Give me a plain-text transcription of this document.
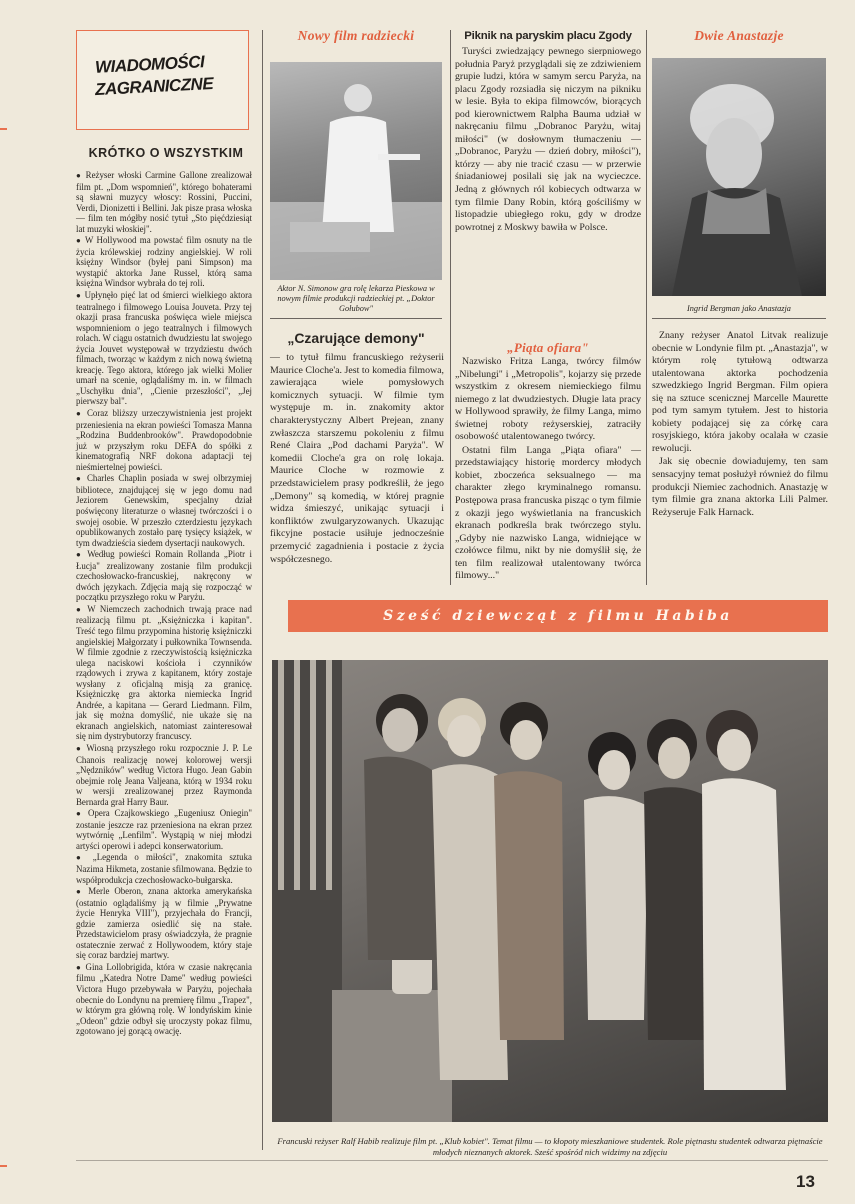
WIADOMOŚCI
ZAGRANICZNE
KRÓTKO O WSZYSTKIM

● Reżyser włoski Carmine Gallone zrealizował film pt. „Dom wspomnień", którego bohaterami są sławni muzycy włoscy: Rossini, Puccini, Verdi, Dionizetti i Bellini. Jak pisze prasa włoska — film ten mógłby nosić tytuł „Sto pięćdziesiąt lat muzyki włoskiej".

● W Hollywood ma powstać film osnuty na tle życia królewskiej rodziny angielskiej. W roli księżny Windsor (byłej pani Simpson) ma wystąpić aktorka Jane Russel, którą sama księżna Windsor wybrała do tej roli.

● Upłynęło pięć lat od śmierci wielkiego aktora teatralnego i filmowego Louisa Jouveta. Przy tej okazji prasa francuska poświęca wiele miejsca wspomnieniom o jego teatralnych i filmowych rolach. W ciągu ostatnich dwudziestu lat swojego życia Jouvet występował w trzydziestu dwóch filmach, tworząc w każdym z nich nową świetną kreację. Tego aktora, którego jak wielki Molier umarł na scenie, oglądaliśmy m. in. w filmach „Uschyłku dnia", „Cienie przeszłości", „Jej pierwszy bal".

● Coraz bliższy urzeczywistnienia jest projekt przeniesienia na ekran powieści Tomasza Manna „Rodzina Buddenbrooków". Prawdopodobnie już w przyszłym roku DEFA do spółki z kinematografią NRF dokona adaptacji tej nieśmiertelnej powieści.

● Charles Chaplin posiada w swej olbrzymiej bibliotece, znajdującej się w jego domu nad Jeziorem Genewskim, specjalny dział poświęcony literaturze o własnej twórczości i o swojej osobie. W przeszło czterdziestu językach opublikowanych zostało parę tysięcy książek, w tym dwadzieścia siedem dysertacji naukowych.

● Według powieści Romain Rollanda „Piotr i Łucja" zrealizowany zostanie film produkcji czechosłowacko-francuskiej, nakręcony w dwóch językach. Zdjęcia mają się rozpocząć w początku przyszłego roku w Paryżu.

● W Niemczech zachodnich trwają prace nad realizacją filmu pt. „Księżniczka i kapitan". Treść tego filmu przypomina historię księżniczki angielskiej Małgorzaty i pułkownika Townsenda. W filmie zgodnie z rzeczywistością księżniczka ulega naciskowi kościoła i czynników rządowych i zrywa z kapitanem, który zostaje wysłany z oficjalną misją za granicę. Księżniczkę gra aktorka niemiecka Ingrid Andrée, a kapitana — Gerard Liedmann. Film, jak się można domyślić, nie ukaże się na ekranach angielskich, natomiast zainteresował się nim dystrybutorzy francuscy.

● Wiosną przyszłego roku rozpocznie J. P. Le Chanois realizację nowej kolorowej wersji „Nędzników" według Victora Hugo. Jean Gabin obejmie rolę Jeana Valjeana, którą w 1934 roku w wersji zrealizowanej przez Raymonda Bernarda grał Harry Baur.

● Opera Czajkowskiego „Eugeniusz Oniegin" zostanie jeszcze raz przeniesiona na ekran przez wytwórnię „Lenfilm". Wystąpią w niej młodzi artyści operowi i adepci konserwatorium.

● „Legenda o miłości", znakomita sztuka Nazima Hikmeta, zostanie sfilmowana. Będzie to współprodukcja czechosłowacko-bułgarska.

● Merle Oberon, znana aktorka amerykańska (ostatnio oglądaliśmy ją w filmie „Prywatne życie Henryka VIII"), przyjechała do Francji, gdzie zamierza osiedlić się na stałe. Przedstawicielom prasy oświadczyła, że pragnie ostatecznie zerwać z Hollywoodem, który staje się coraz bardziej martwy.

● Gina Lollobrigida, która w czasie nakręcania filmu „Katedra Notre Dame" według powieści Victora Hugo przebywała w Paryżu, pojechała obecnie do Londynu na premierę filmu „Trapez", w którym gra główną rolę. W londyńskim kinie „Odeon" gdzie odbył się uroczysty pokaz filmu, zgotowano jej gorącą owację.

Nowy film radziecki
Aktor N. Simonow gra rolę lekarza Pieskowa w nowym filmie produkcji radzieckiej pt. „Doktor Gołubow"
„Czarujące demony"

— to tytuł filmu francuskiego reżyserii Maurice Cloche'a. Jest to komedia filmowa, zawierająca wiele pomysłowych komicznych sytuacji. W filmie tym występuje m. in. znakomity aktor charakterystyczny Albert Prejean, znany zwłaszcza starszemu pokoleniu z filmu René Claira „Pod dachami Paryża". W komedii Cloche'a gra on rolę lokaja. Maurice Cloche w rozmowie z przedstawicielem prasy podkreślił, że jego „Demony" są komedią, w której pragnie widza śmieszyć, unikając sytuacji i konfliktów zwulgaryzowanych. Ukazując fikcyjne postacie usiłuje jednocześnie przemycić zagadnienia i postacie z życia współczesnego.

Piknik na paryskim placu Zgody

Turyści zwiedzający pewnego sierpniowego południa Paryż przyglądali się ze zdziwieniem grupie ludzi, która w samym sercu Paryża, na placu Zgody rozsiadła się niczym na pikniku w lesie. Była to ekipa filmowców, biorących pod kierownictwem Ralpha Bauma udział w nakręcaniu filmu „Dobranoc Paryżu, witaj miłości" (w dosłownym tłumaczeniu — „Dobranoc, Paryżu — dzień dobry, miłości"), którzy — aby nie tracić czasu — w przerwie śniadaniowej posilali się jak na wycieczce. Jedną z głównych ról kobiecych odtwarza w tym filmie Dany Robin, którą gościliśmy w listopadzie ubiegłego roku, gdy w drodze powrotnej z Moskwy bawiła w Polsce.

„Piąta ofiara"

Nazwisko Fritza Langa, twórcy filmów „Nibelungi" i „Metropolis", kojarzy się przede wszystkim z okresem niemieckiego filmu niemego z lat dwudziestych. Długie lata pracy w Hollywood sprawiły, że filmy Langa, mimo świetnej roboty reżyserskiej, zatraciły osobowość utalentowanego twórcy.

Ostatni film Langa „Piąta ofiara" — przedstawiający historię mordercy młodych kobiet, zboczeńca seksualnego — ma charakter złego kryminalnego romansu. Postępowa prasa francuska pisząc o tym filmie z okazji jego wyświetlania na francuskich ekranach podkreśla brak twórczego stylu. „Gdyby nie nazwisko Langa, widniejące w czołówce filmu, nikt by nie domyślił się, że ten film realizował utalentowany twórca filmowy..."

Dwie Anastazje
Ingrid Bergman jako Anastazja

Znany reżyser Anatol Litvak realizuje obecnie w Londynie film pt. „Anastazja", w którym rolę tytułową odtwarza utalentowana aktorka pochodzenia szwedzkiego Ingrid Bergman. Film opiera się na sztuce scenicznej Marcelle Maurette pod tym samym tytułem. Jest to historia kobiety podającej się za córkę cara rosyjskiego, która jakoby ocalała w czasie rewolucji.

Jak się obecnie dowiadujemy, ten sam sensacyjny temat posłużył również do filmu produkcji Niemiec zachodnich. Anastazję w tym filmie gra znana aktorka Lili Palmer. Reżyseruje Falk Harnack.

Sześć dziewcząt z filmu Habiba
Francuski reżyser Ralf Habib realizuje film pt. „Klub kobiet". Temat filmu — to kłopoty mieszkaniowe studentek. Role piętnastu studentek odtwarza piętnaście młodych nieznanych aktorek. Sześć spośród nich widzimy na zdjęciu
13
